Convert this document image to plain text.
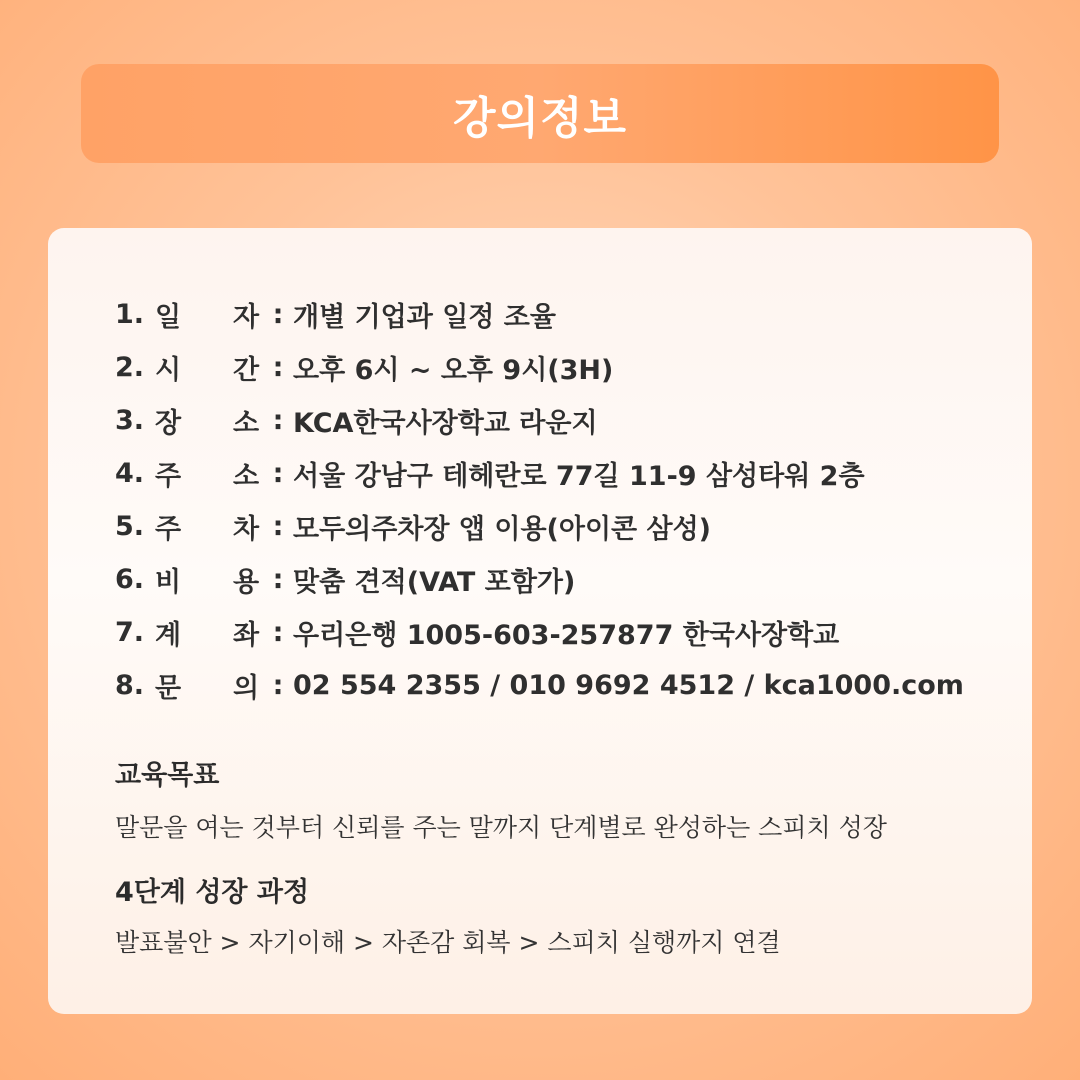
강의정보
1. 일	자 : 개별 기업과 일정 조율
2. 시	간 : 오후 6시 ~ 오후 9시(3H)
3. 장	소 : KCA한국사장학교 라운지
4. 주	소 : 서울 강남구 테헤란로 77길 11-9 삼성타워 2층
5. 주	차 : 모두의주차장 앱 이용(아이콘 삼성)
6. 비	용 : 맞춤 견적(VAT 포함가)
7. 계	좌 : 우리은행 1005-603-257877 한국사장학교
8. 문	의 : 02 554 2355 / 010 9692 4512 / kca1000.com
교육목표

말문을 여는 것부터 신뢰를 주는 말까지 단계별로 완성하는 스피치 성장

4단계 성장 과정

발표불안 > 자기이해 > 자존감 회복 > 스피치 실행까지 연결
